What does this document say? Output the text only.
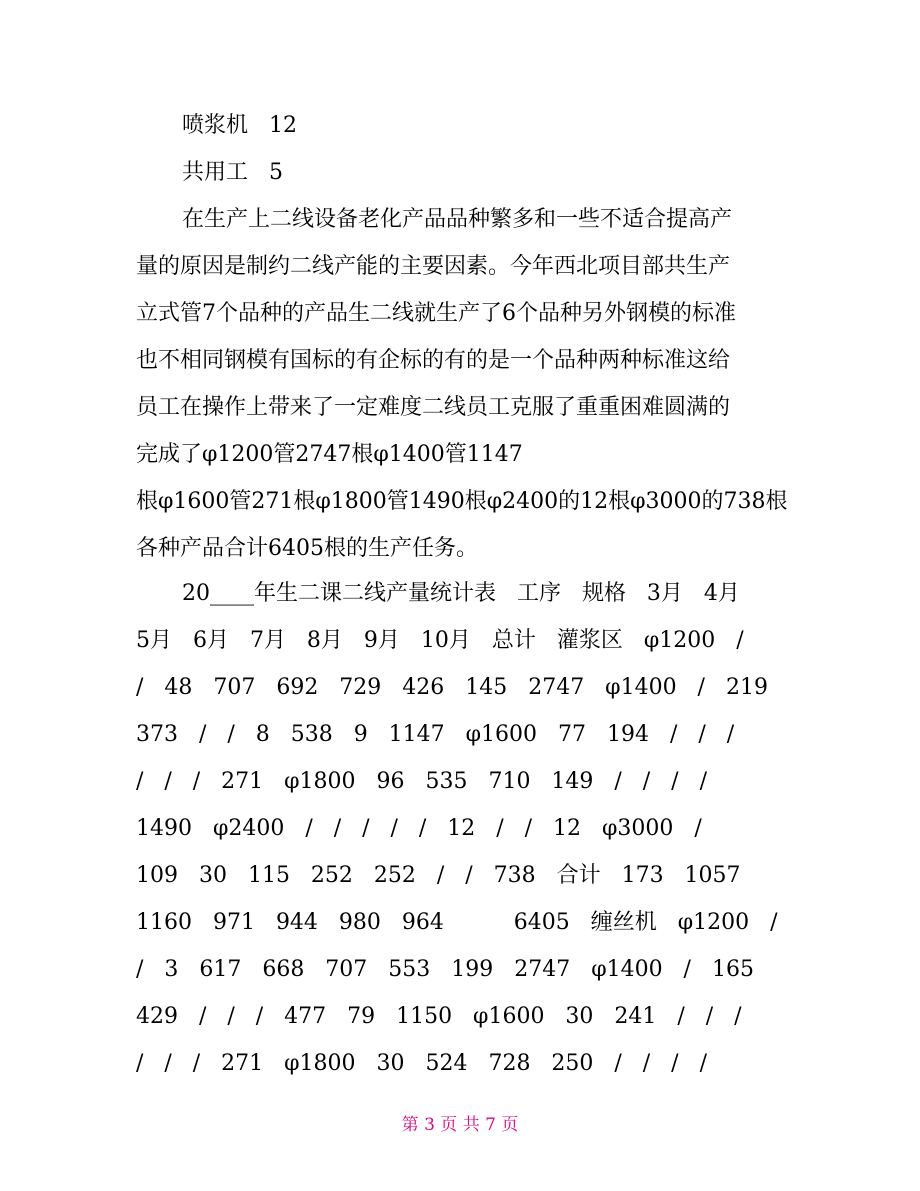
喷浆机   12
共用工   5
在生产上二线设备老化产品品种繁多和一些不适合提高产
量的原因是制约二线产能的主要因素。今年西北项目部共生产
立式管7个品种的产品生二线就生产了6个品种另外钢模的标准
也不相同钢模有国标的有企标的有的是一个品种两种标准这给
员工在操作上带来了一定难度二线员工克服了重重困难圆满的
完成了φ1200管2747根φ1400管1147
根φ1600管271根φ1800管1490根φ2400的12根φ3000的738根
各种产品合计6405根的生产任务。
20____年生二课二线产量统计表   工序   规格   3月   4月
5月   6月   7月   8月   9月   10月   总计   灌浆区   φ1200   /
/   48   707   692   729   426   145   2747   φ1400   /   219
373   /   /   8   538   9   1147   φ1600   77   194   /   /   /
/   /   /   271   φ1800   96   535   710   149   /   /   /   /
1490   φ2400   /   /   /   /   /   12   /   /   12   φ3000   /
109   30   115   252   252   /   /   738   合计   173   1057
1160   971   944   980   964          6405   缠丝机   φ1200   /
/   3   617   668   707   553   199   2747   φ1400   /   165
429   /   /   /   477   79   1150   φ1600   30   241   /   /   /
/   /   /   271   φ1800   30   524   728   250   /   /   /   /
第 3 页 共 7 页
